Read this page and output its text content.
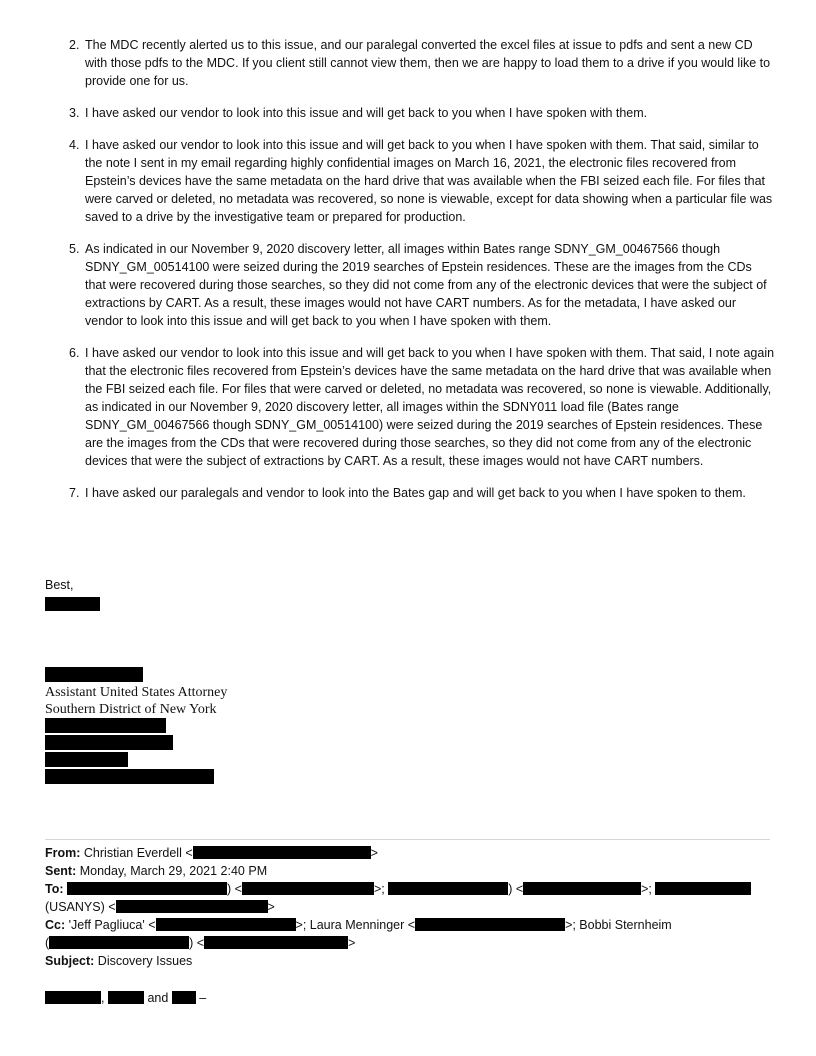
2. The MDC recently alerted us to this issue, and our paralegal converted the excel files at issue to pdfs and sent a new CD with those pdfs to the MDC. If you client still cannot view them, then we are happy to load them to a drive if you would like to provide one for us.
3. I have asked our vendor to look into this issue and will get back to you when I have spoken with them.
4. I have asked our vendor to look into this issue and will get back to you when I have spoken with them. That said, similar to the note I sent in my email regarding highly confidential images on March 16, 2021, the electronic files recovered from Epstein’s devices have the same metadata on the hard drive that was available when the FBI seized each file. For files that were carved or deleted, no metadata was recovered, so none is viewable, except for data showing when a particular file was saved to a drive by the investigative team or prepared for production.
5. As indicated in our November 9, 2020 discovery letter, all images within Bates range SDNY_GM_00467566 though SDNY_GM_00514100 were seized during the 2019 searches of Epstein residences. These are the images from the CDs that were recovered during those searches, so they did not come from any of the electronic devices that were the subject of extractions by CART. As a result, these images would not have CART numbers. As for the metadata, I have asked our vendor to look into this issue and will get back to you when I have spoken with them.
6. I have asked our vendor to look into this issue and will get back to you when I have spoken with them. That said, I note again that the electronic files recovered from Epstein’s devices have the same metadata on the hard drive that was available when the FBI seized each file. For files that were carved or deleted, no metadata was recovered, so none is viewable. Additionally, as indicated in our November 9, 2020 discovery letter, all images within the SDNY011 load file (Bates range SDNY_GM_00467566 though SDNY_GM_00514100) were seized during the 2019 searches of Epstein residences. These are the images from the CDs that were recovered during those searches, so they did not come from any of the electronic devices that were the subject of extractions by CART. As a result, these images would not have CART numbers.
7. I have asked our paralegals and vendor to look into the Bates gap and will get back to you when I have spoken to them.
Best,
Assistant United States Attorney
Southern District of New York
From: Christian Everdell <	>
Sent: Monday, March 29, 2021 2:40 PM
To:	) <	>;	) <	>;
(USANYS) <	>
Cc: 'Jeff Pagliuca' <	>; Laura Menninger <	>; Bobbi Sternheim
(	) <	>
Subject: Discovery Issues
,	and –
